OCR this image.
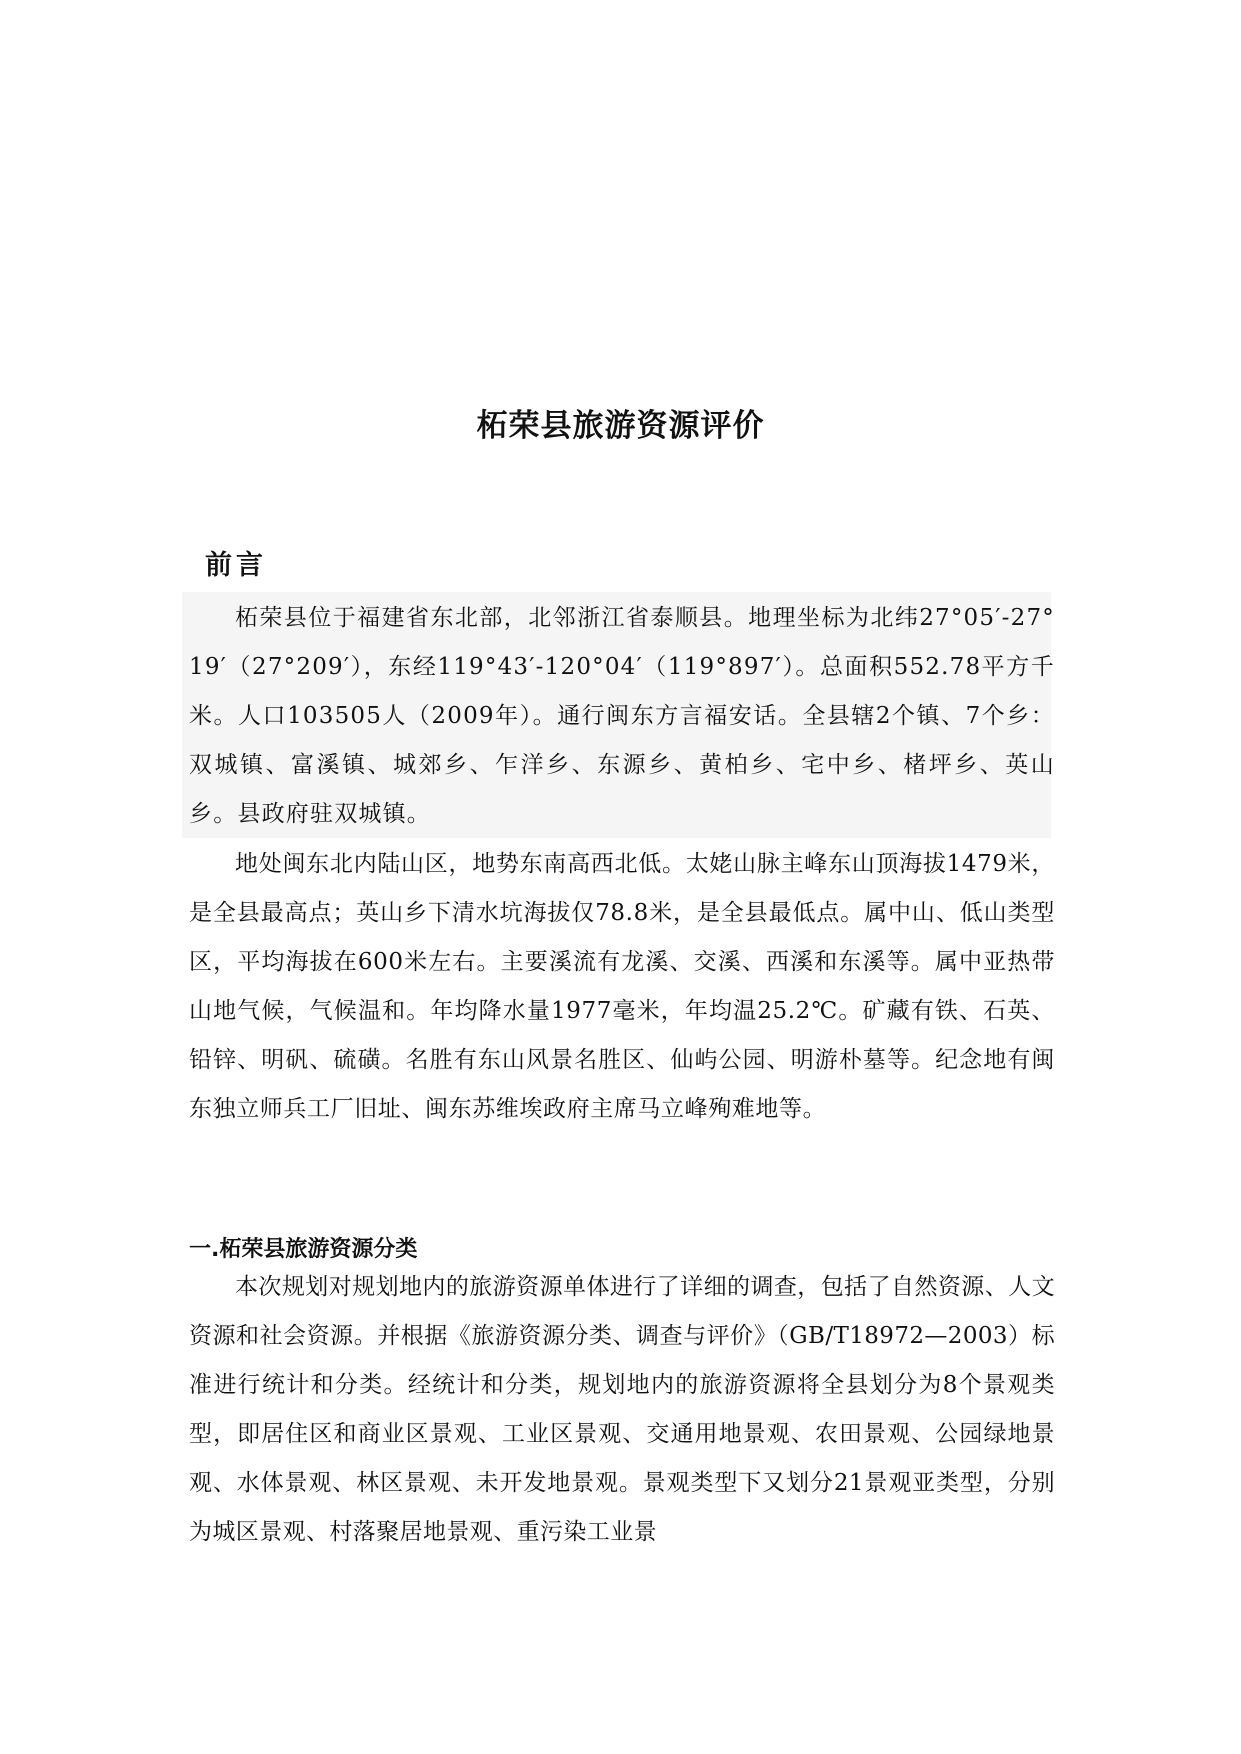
柘荣县旅游资源评价
前言

柘荣县位于福建省东北部，北邻浙江省泰顺县。地理坐标为北纬27°05′-27°19′（27°209′），东经119°43′-120°04′（119°897′）。总面积552.78平方千米。人口103505人（2009年）。通行闽东方言福安话。全县辖2个镇、7个乡：双城镇、富溪镇、城郊乡、乍洋乡、东源乡、黄柏乡、宅中乡、楮坪乡、英山乡。县政府驻双城镇。

地处闽东北内陆山区，地势东南高西北低。太姥山脉主峰东山顶海拔1479米，是全县最高点；英山乡下清水坑海拔仅78.8米，是全县最低点。属中山、低山类型区，平均海拔在600米左右。主要溪流有龙溪、交溪、西溪和东溪等。属中亚热带山地气候，气候温和。年均降水量1977毫米，年均温25.2℃。矿藏有铁、石英、铅锌、明矾、硫磺。名胜有东山风景名胜区、仙屿公园、明游朴墓等。纪念地有闽东独立师兵工厂旧址、闽东苏维埃政府主席马立峰殉难地等。

一.柘荣县旅游资源分类

本次规划对规划地内的旅游资源单体进行了详细的调查，包括了自然资源、人文资源和社会资源。并根据《旅游资源分类、调查与评价》（GB/T18972—2003）标准进行统计和分类。经统计和分类，规划地内的旅游资源将全县划分为8个景观类型，即居住区和商业区景观、工业区景观、交通用地景观、农田景观、公园绿地景观、水体景观、林区景观、未开发地景观。景观类型下又划分21景观亚类型，分别为城区景观、村落聚居地景观、重污染工业景
